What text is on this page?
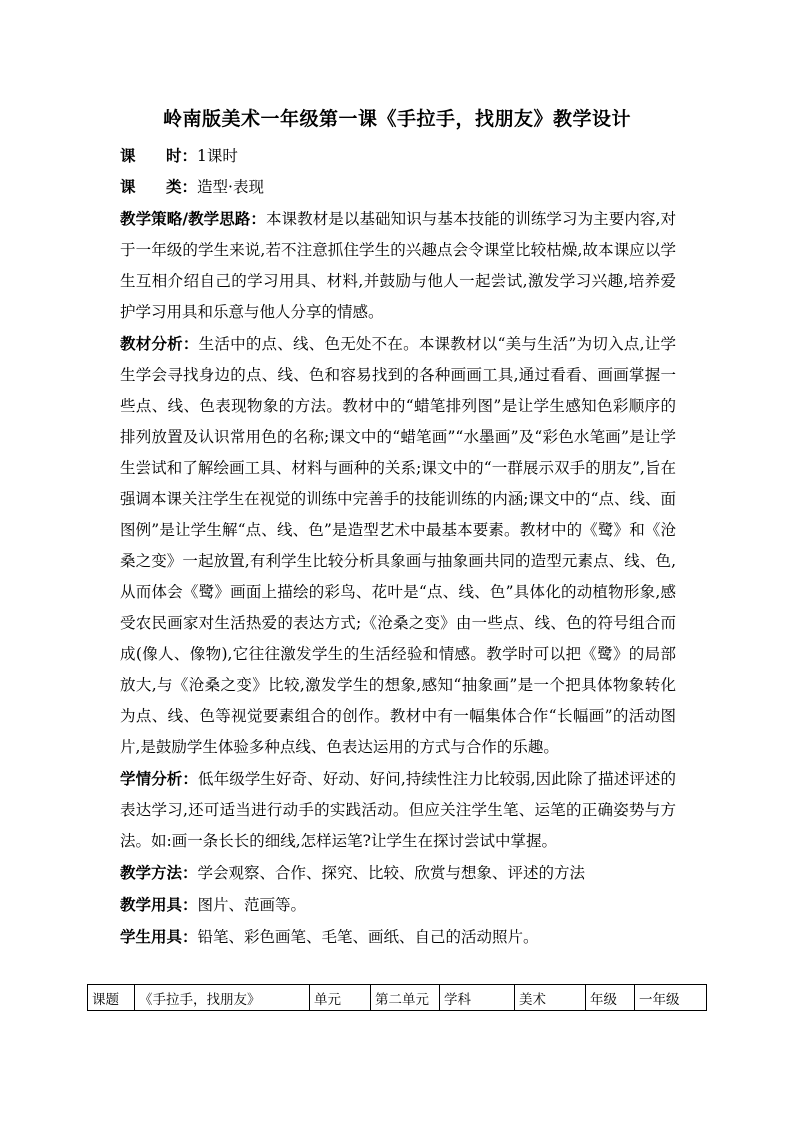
岭南版美术一年级第一课《手拉手，找朋友》教学设计
课 时：1课时
课 类：造型·表现

教学策略/教学思路：本课教材是以基础知识与基本技能的训练学习为主要内容,对于一年级的学生来说,若不注意抓住学生的兴趣点会令课堂比较枯燥,故本课应以学生互相介绍自己的学习用具、材料,并鼓励与他人一起尝试,激发学习兴趣,培养爱护学习用具和乐意与他人分享的情感。

教材分析：生活中的点、线、色无处不在。本课教材以“美与生活”为切入点,让学生学会寻找身边的点、线、色和容易找到的各种画画工具,通过看看、画画掌握一些点、线、色表现物象的方法。教材中的“蜡笔排列图”是让学生感知色彩顺序的排列放置及认识常用色的名称;课文中的“蜡笔画”“水墨画”及“彩色水笔画”是让学生尝试和了解绘画工具、材料与画种的关系;课文中的“一群展示双手的朋友”,旨在强调本课关注学生在视觉的训练中完善手的技能训练的内涵;课文中的“点、线、面图例”是让学生解“点、线、色”是造型艺术中最基本要素。教材中的《鹭》和《沧桑之变》一起放置,有利学生比较分析具象画与抽象画共同的造型元素点、线、色,从而体会《鹭》画面上描绘的彩鸟、花叶是“点、线、色”具体化的动植物形象,感受农民画家对生活热爱的表达方式;《沧桑之变》由一些点、线、色的符号组合而成(像人、像物),它往往激发学生的生活经验和情感。教学时可以把《鹭》的局部放大,与《沧桑之变》比较,激发学生的想象,感知“抽象画”是一个把具体物象转化为点、线、色等视觉要素组合的创作。教材中有一幅集体合作“长幅画”的活动图片,是鼓励学生体验多种点线、色表达运用的方式与合作的乐趣。

学情分析：低年级学生好奇、好动、好问,持续性注力比较弱,因此除了描述评述的表达学习,还可适当进行动手的实践活动。但应关注学生笔、运笔的正确姿势与方法。如:画一条长长的细线,怎样运笔?让学生在探讨尝试中掌握。

教学方法：学会观察、合作、探究、比较、欣赏与想象、评述的方法

教学用具：图片、范画等。

学生用具：铅笔、彩色画笔、毛笔、画纸、自己的活动照片。

课题	《手拉手，找朋友》	单元	第二单元	学科	美术	年级	一年级
